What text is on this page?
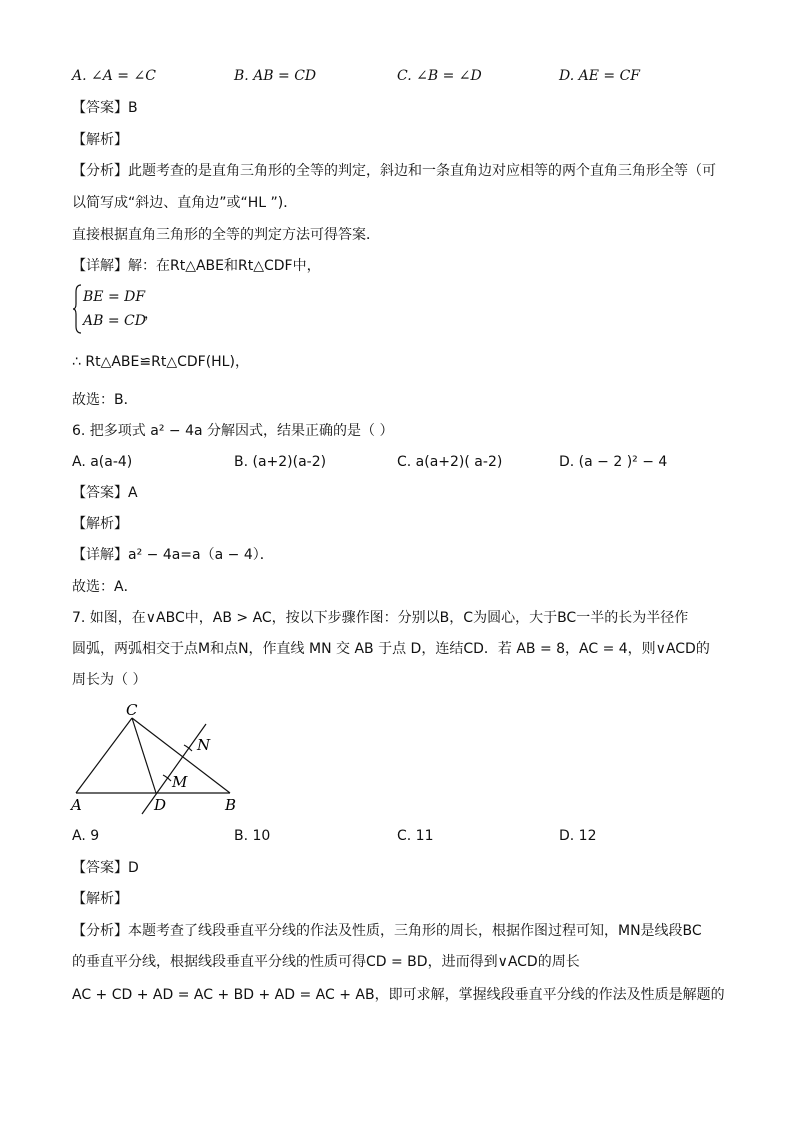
A. ∠A = ∠C	B. AB = CD	C. ∠B = ∠D	D. AE = CF
【答案】B
【解析】
【分析】此题考查的是直角三角形的全等的判定，斜边和一条直角边对应相等的两个直角三角形全等（可
以简写成“斜边、直角边”或“HL ”)．
直接根据直角三角形的全等的判定方法可得答案．
【详解】解：在Rt△ABE和Rt△CDF中，
BE = DF
AB = CD
，
∴ Rt△ABE≌Rt△CDF(HL)，
故选：B．
6. 把多项式 a² − 4a 分解因式，结果正确的是（ ）
A. a(a-4)	B. (a+2)(a-2)	C. a(a+2)( a-2)	D. (a − 2 )² − 4
【答案】A
【解析】
【详解】a² − 4a=a（a − 4）．
故选：A．
7. 如图，在∨ABC中，AB > AC，按以下步骤作图：分别以B，C为圆心，大于BC一半的长为半径作
圆弧，两弧相交于点M和点N，作直线 MN 交 AB 于点 D，连结CD．若 AB = 8，AC = 4，则∨ACD的
周长为（ ）
C
N
M
A	D	B
A. 9	B. 10	C. 11	D. 12
【答案】D
【解析】
【分析】本题考查了线段垂直平分线的作法及性质，三角形的周长，根据作图过程可知，MN是线段BC
的垂直平分线，根据线段垂直平分线的性质可得CD = BD，进而得到∨ACD的周长
AC + CD + AD = AC + BD + AD = AC + AB，即可求解，掌握线段垂直平分线的作法及性质是解题的
